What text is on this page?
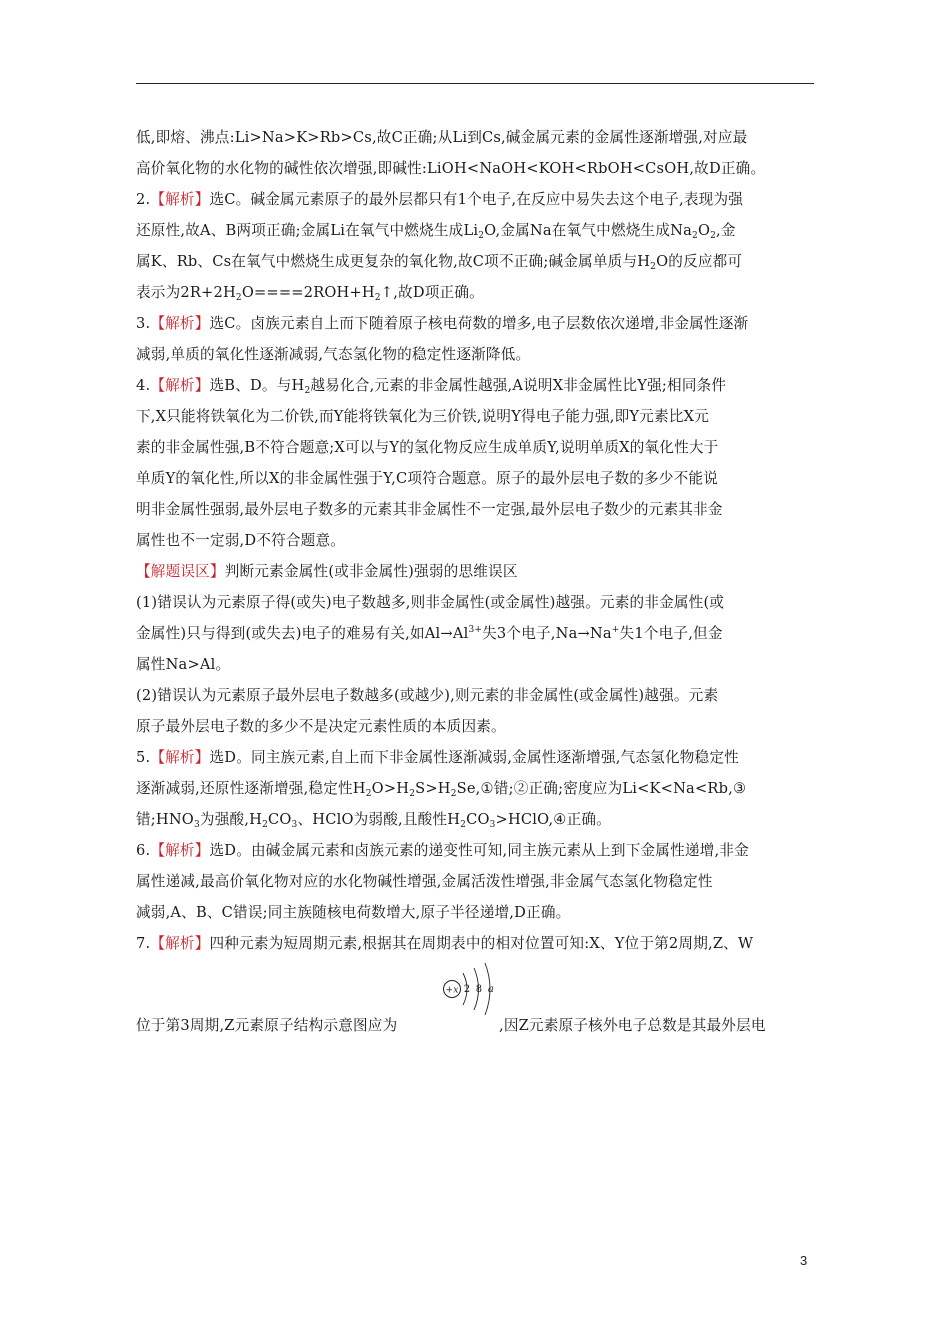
低,即熔、沸点:Li>Na>K>Rb>Cs,故C正确;从Li到Cs,碱金属元素的金属性逐渐增强,对应最
高价氧化物的水化物的碱性依次增强,即碱性:LiOH<NaOH<KOH<RbOH<CsOH,故D正确。
2.【解析】选C。碱金属元素原子的最外层都只有1个电子,在反应中易失去这个电子,表现为强
还原性,故A、B两项正确;金属Li在氧气中燃烧生成$Li_2O$,金属Na在氧气中燃烧生成$Na_2O_2$,金
属K、Rb、Cs在氧气中燃烧生成更复杂的氧化物,故C项不正确;碱金属单质与$H_2O$的反应都可
表示为$2R+2H_2O====2ROH+H_2↑$,故D项正确。
3.【解析】选C。卤族元素自上而下随着原子核电荷数的增多,电子层数依次递增,非金属性逐渐
减弱,单质的氧化性逐渐减弱,气态氢化物的稳定性逐渐降低。
4.【解析】选B、D。与$H_2$越易化合,元素的非金属性越强,A说明X非金属性比Y强;相同条件
下,X只能将铁氧化为二价铁,而Y能将铁氧化为三价铁,说明Y得电子能力强,即Y元素比X元
素的非金属性强,B不符合题意;X可以与Y的氢化物反应生成单质Y,说明单质X的氧化性大于
单质Y的氧化性,所以X的非金属性强于Y,C项符合题意。原子的最外层电子数的多少不能说
明非金属性强弱,最外层电子数多的元素其非金属性不一定强,最外层电子数少的元素其非金
属性也不一定弱,D不符合题意。
【解题误区】判断元素金属性(或非金属性)强弱的思维误区
(1)错误认为元素原子得(或失)电子数越多,则非金属性(或金属性)越强。元素的非金属性(或
金属性)只与得到(或失去)电子的难易有关,如$Al\to Al^{3+}$失3个电子,Na→Na+失1个电子,但金
属性Na>Al。
(2)错误认为元素原子最外层电子数越多(或越少),则元素的非金属性(或金属性)越强。元素
原子最外层电子数的多少不是决定元素性质的本质因素。
5.【解析】选D。同主族元素,自上而下非金属性逐渐减弱,金属性逐渐增强,气态氢化物稳定性
逐渐减弱,还原性逐渐增强,稳定性$H_2O>H_2S>H_2Se,①$错;②正确;密度应为Li<K<Na<Rb,③
错$;HNO_3$为强酸$,H_2CO_3$、HClO为弱酸,且酸性$H_2CO_3>HClO,④$正确。
6.【解析】选D。由碱金属元素和卤族元素的递变性可知,同主族元素从上到下金属性递增,非金
属性递减,最高价氧化物对应的水化物碱性增强,金属活泼性增强,非金属气态氢化物稳定性
减弱,A、B、C错误;同主族随核电荷数增大,原子半径递增,D正确。
7.【解析】四种元素为短周期元素,根据其在周期表中的相对位置可知:X、Y位于第2周期,Z、W
位于第3周期,Z元素原子结构示意图应为
+x 2 8 a
,因Z元素原子核外电子总数是其最外层电
3
